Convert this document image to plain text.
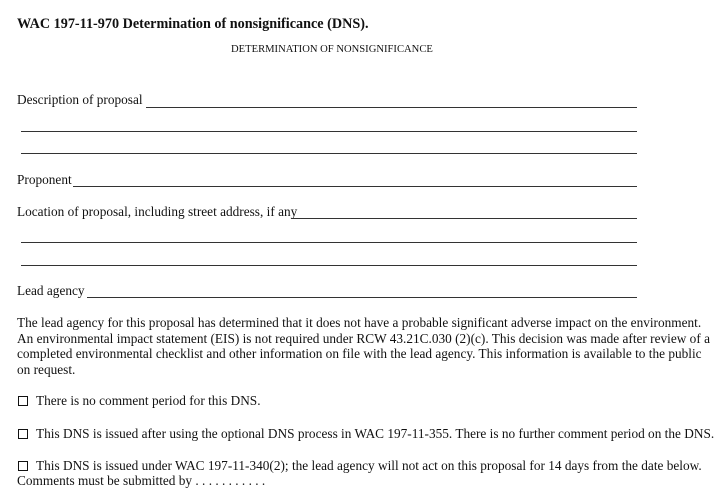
WAC 197-11-970 Determination of nonsignificance (DNS).
DETERMINATION OF NONSIGNIFICANCE
Description of proposal
Proponent
Location of proposal, including street address, if any
Lead agency
The lead agency for this proposal has determined that it does not have a probable significant adverse impact on the environment. An environmental impact statement (EIS) is not required under RCW 43.21C.030 (2)(c). This decision was made after review of a completed environmental checklist and other information on file with the lead agency. This information is available to the public on request.
There is no comment period for this DNS.
This DNS is issued after using the optional DNS process in WAC 197-11-355. There is no further comment period on the DNS.
This DNS is issued under WAC 197-11-340(2); the lead agency will not act on this proposal for 14 days from the date below.
Comments must be submitted by . . . . . . . . . . .
